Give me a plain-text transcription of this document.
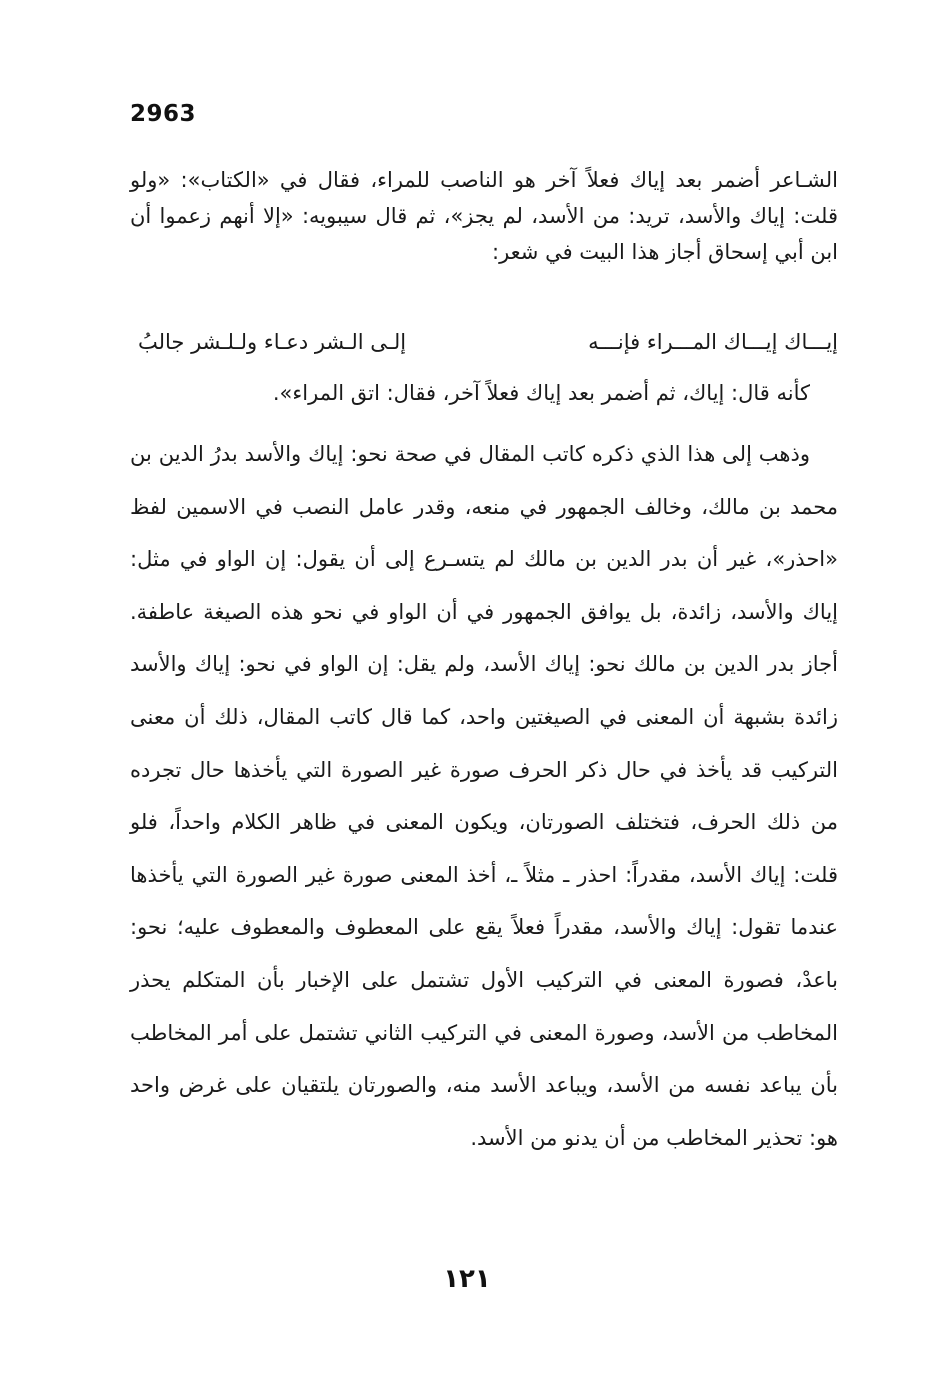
2963

الشـاعر أضمر بعد إياك فعلاً آخر هو الناصب للمراء، فقال في «الكتاب»: «ولو قلت: إياك والأسد، تريد: من الأسد، لم يجز»، ثم قال سيبويه: «إلا أنهم زعموا أن ابن أبي إسحاق أجاز هذا البيت في شعر:

إيـــاك إيـــاك المـــراء فإنـــه
إلـى الـشر دعـاء ولـلـشر جالبُ

كأنه قال: إياك، ثم أضمر بعد إياك فعلاً آخر، فقال: اتق المراء».

وذهب إلى هذا الذي ذكره كاتب المقال في صحة نحو: إياك والأسد بدرُ الدين بن محمد بن مالك، وخالف الجمهور في منعه، وقدر عامل النصب في الاسمين لفظ «احذر»، غير أن بدر الدين بن مالك لم يتسـرع إلى أن يقول: إن الواو في مثل: إياك والأسد، زائدة، بل يوافق الجمهور في أن الواو في نحو هذه الصيغة عاطفة. أجاز بدر الدين بن مالك نحو: إياك الأسد، ولم يقل: إن الواو في نحو: إياك والأسد زائدة بشبهة أن المعنى في الصيغتين واحد، كما قال كاتب المقال، ذلك أن معنى التركيب قد يأخذ في حال ذكر الحرف صورة غير الصورة التي يأخذها حال تجرده من ذلك الحرف، فتختلف الصورتان، ويكون المعنى في ظاهر الكلام واحداً، فلو قلت: إياك الأسد، مقدراً: احذر ـ مثلاً ـ، أخذ المعنى صورة غير الصورة التي يأخذها عندما تقول: إياك والأسد، مقدراً فعلاً يقع على المعطوف والمعطوف عليه؛ نحو: باعدْ، فصورة المعنى في التركيب الأول تشتمل على الإخبار بأن المتكلم يحذر المخاطب من الأسد، وصورة المعنى في التركيب الثاني تشتمل على أمر المخاطب بأن يباعد نفسه من الأسد، ويباعد الأسد منه، والصورتان يلتقيان على غرض واحد هو: تحذير المخاطب من أن يدنو من الأسد.

١٢١
